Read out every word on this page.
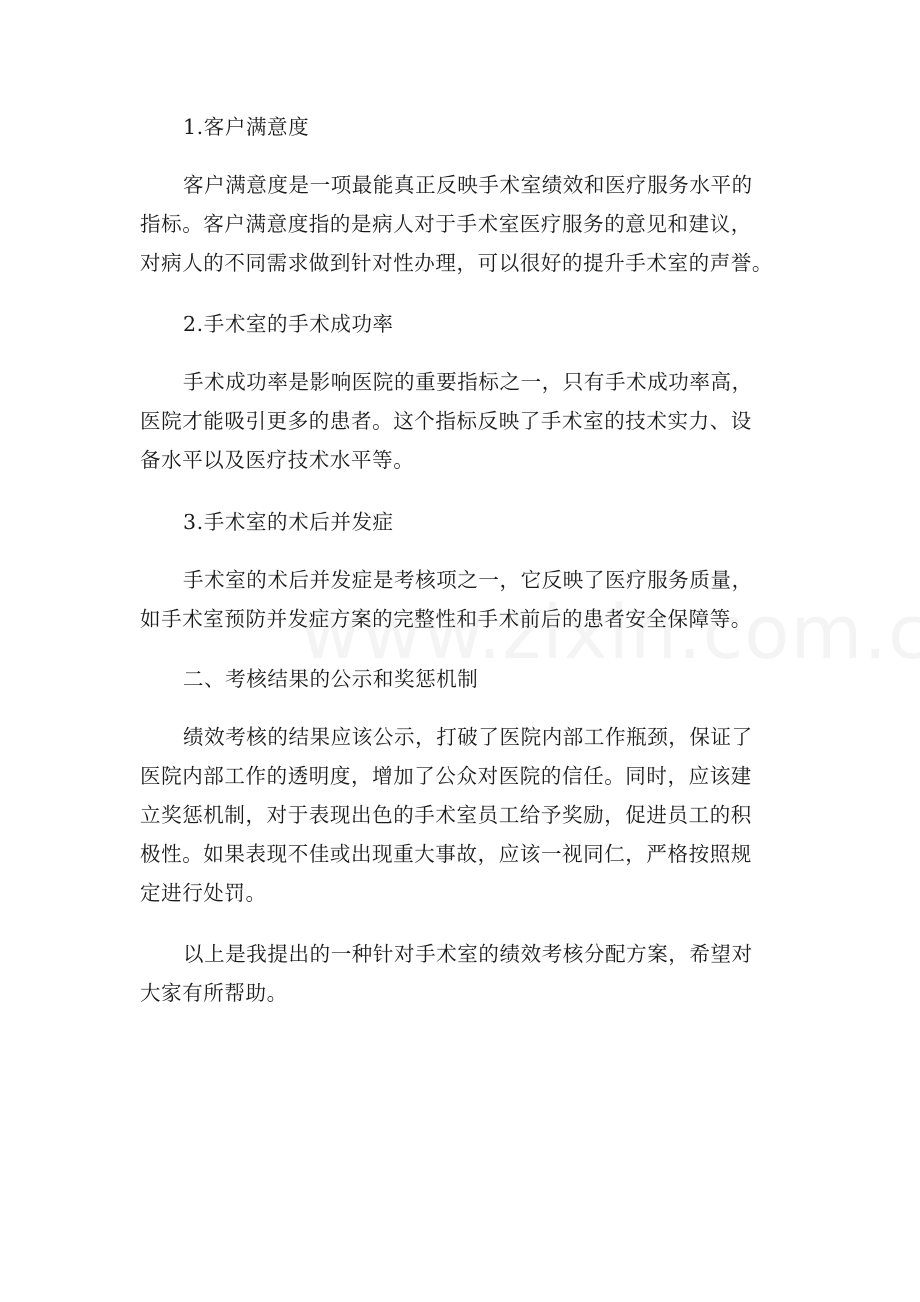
1.客户满意度
客户满意度是一项最能真正反映手术室绩效和医疗服务水平的
指标。客户满意度指的是病人对于手术室医疗服务的意见和建议，
对病人的不同需求做到针对性办理，可以很好的提升手术室的声誉。
2.手术室的手术成功率
手术成功率是影响医院的重要指标之一，只有手术成功率高，
医院才能吸引更多的患者。这个指标反映了手术室的技术实力、设
备水平以及医疗技术水平等。
3.手术室的术后并发症
手术室的术后并发症是考核项之一，它反映了医疗服务质量，
如手术室预防并发症方案的完整性和手术前后的患者安全保障等。
二、考核结果的公示和奖惩机制
绩效考核的结果应该公示，打破了医院内部工作瓶颈，保证了
医院内部工作的透明度，增加了公众对医院的信任。同时，应该建
立奖惩机制，对于表现出色的手术室员工给予奖励，促进员工的积
极性。如果表现不佳或出现重大事故，应该一视同仁，严格按照规
定进行处罚。
以上是我提出的一种针对手术室的绩效考核分配方案，希望对
大家有所帮助。
